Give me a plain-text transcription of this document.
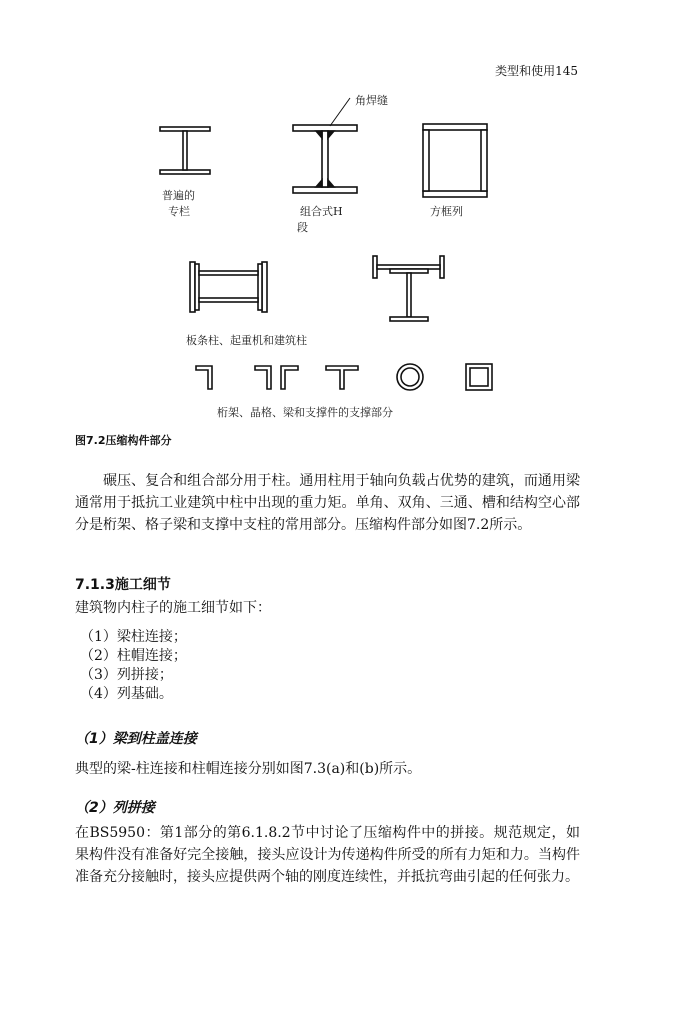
类型和使用145
角焊缝
普遍的
专栏	组合式H
段
方框列
板条柱、起重机和建筑柱
桁架、晶格、梁和支撑件的支撑部分
图7.2压缩构件部分

碾压、复合和组合部分用于柱。通用柱用于轴向负载占优势的建筑，而通用梁通常用于抵抗工业建筑中柱中出现的重力矩。单角、双角、三通、槽和结构空心部分是桁架、格子梁和支撑中支柱的常用部分。压缩构件部分如图7.2所示。

7.1.3施工细节
建筑物内柱子的施工细节如下：
（1）梁柱连接；
（2）柱帽连接；
（3）列拼接；
（4）列基础。
（1）梁到柱盖连接
典型的梁-柱连接和柱帽连接分别如图7.3(a)和(b)所示。
（2）列拼接
在BS5950：第1部分的第6.1.8.2节中讨论了压缩构件中的拼接。规范规定，如果构件没有准备好完全接触，接头应设计为传递构件所受的所有力矩和力。当构件准备充分接触时，接头应提供两个轴的刚度连续性，并抵抗弯曲引起的任何张力。
